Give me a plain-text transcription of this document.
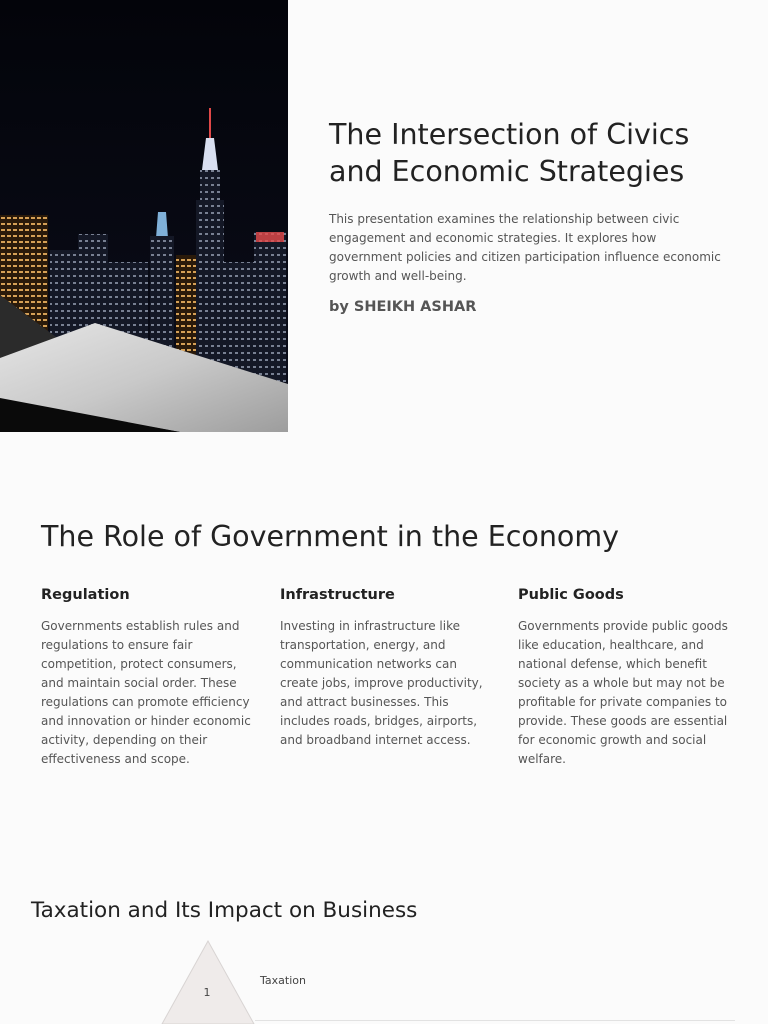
The Intersection of Civics and Economic Strategies

This presentation examines the relationship between civic engagement and economic strategies. It explores how government policies and citizen participation influence economic growth and well-being.

by SHEIKH ASHAR

The Role of Government in the Economy
Regulation

Governments establish rules and regulations to ensure fair competition, protect consumers, and maintain social order. These regulations can promote efficiency and innovation or hinder economic activity, depending on their effectiveness and scope.

Infrastructure

Investing in infrastructure like transportation, energy, and communication networks can create jobs, improve productivity, and attract businesses. This includes roads, bridges, airports, and broadband internet access.

Public Goods

Governments provide public goods like education, healthcare, and national defense, which benefit society as a whole but may not be profitable for private companies to provide. These goods are essential for economic growth and social welfare.

Taxation and Its Impact on Business
1
Taxation
